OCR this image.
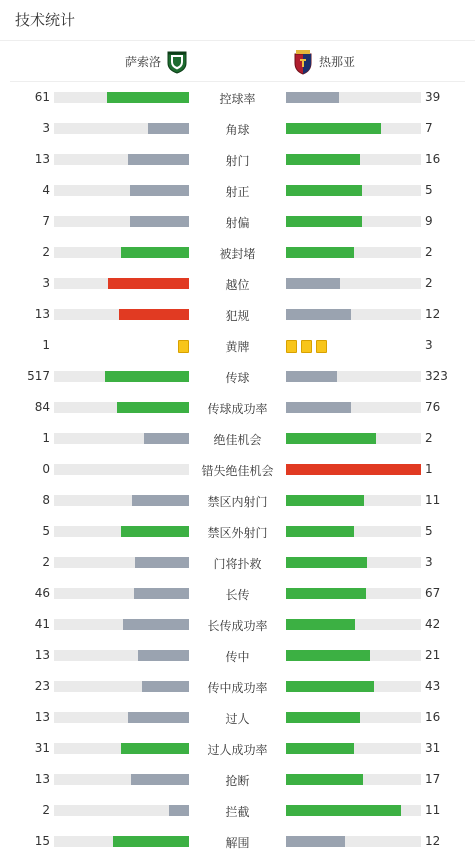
技术统计
萨索洛	热那亚
61	控球率	39
3	角球	7
13	射门	16
4	射正	5
7	射偏	9
2	被封堵	2
3	越位	2
13	犯规	12
1	黄牌	3
517	传球	323
84	传球成功率	76
1	绝佳机会	2
0	错失绝佳机会	1
8	禁区内射门	11
5	禁区外射门	5
2	门将扑救	3
46	长传	67
41	长传成功率	42
13	传中	21
23	传中成功率	43
13	过人	16
31	过人成功率	31
13	抢断	17
2	拦截	11
15	解围	12
